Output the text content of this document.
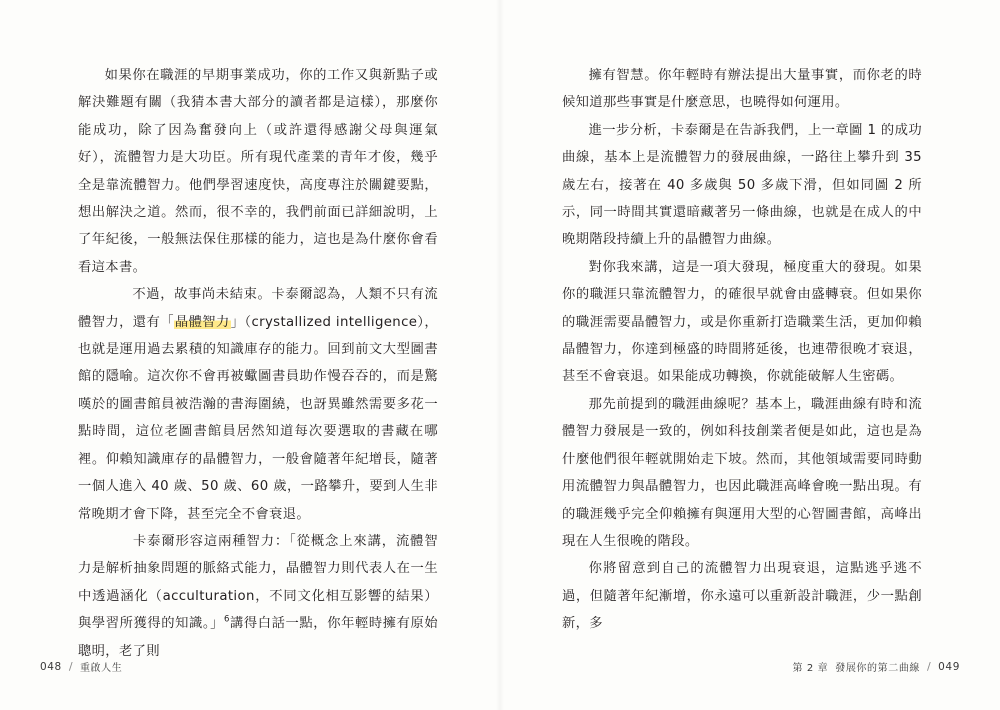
如果你在職涯的早期事業成功，你的工作又與新點子或解決難題有關（我猜本書大部分的讀者都是這樣），那麼你能成功，除了因為奮發向上（或許還得感謝父母與運氣好），流體智力是大功臣。所有現代產業的青年才俊，幾乎全是靠流體智力。他們學習速度快，高度專注於關鍵要點，想出解決之道。然而，很不幸的，我們前面已詳細說明，上了年紀後，一般無法保住那樣的能力，這也是為什麼你會看看這本書。

　　不過，故事尚未結束。卡泰爾認為，人類不只有流體智力，還有「晶體智力」（crystallized intelligence），也就是運用過去累積的知識庫存的能力。回到前文大型圖書館的隱喻。這次你不會再被蠍圖書員助作慢吞吞的，而是驚嘆於的圖書館員被浩瀚的書海圍繞，也訝異雖然需要多花一點時間，這位老圖書館員居然知道每次要選取的書藏在哪裡。仰賴知識庫存的晶體智力，一般會隨著年紀增長，隨著一個人進入 40 歲、50 歲、60 歲，一路攀升，要到人生非常晚期才會下降，甚至完全不會衰退。

　　卡泰爾形容這兩種智力：「從概念上來講，流體智力是解析抽象問題的脈絡式能力，晶體智力則代表人在一生中透過涵化（acculturation，不同文化相互影響的結果）與學習所獲得的知識。」$^6$講得白話一點，你年輕時擁有原始聰明，老了則

048 / 重啟人生

擁有智慧。你年輕時有辦法提出大量事實，而你老的時候知道那些事實是什麼意思，也曉得如何運用。

進一步分析，卡泰爾是在告訴我們，上一章圖 1 的成功曲線，基本上是流體智力的發展曲線，一路往上攀升到 35 歲左右，接著在 40 多歲與 50 多歲下滑，但如同圖 2 所示，同一時間其實還暗藏著另一條曲線，也就是在成人的中晚期階段持續上升的晶體智力曲線。

對你我來講，這是一項大發現，極度重大的發現。如果你的職涯只靠流體智力，的確很早就會由盛轉衰。但如果你的職涯需要晶體智力，或是你重新打造職業生活，更加仰賴晶體智力，你達到極盛的時間將延後，也連帶很晚才衰退，甚至不會衰退。如果能成功轉換，你就能破解人生密碼。

那先前提到的職涯曲線呢？基本上，職涯曲線有時和流體智力發展是一致的，例如科技創業者便是如此，這也是為什麼他們很年輕就開始走下坡。然而，其他領域需要同時動用流體智力與晶體智力，也因此職涯高峰會晚一點出現。有的職涯幾乎完全仰賴擁有與運用大型的心智圖書館，高峰出現在人生很晚的階段。

你將留意到自己的流體智力出現衰退，這點逃乎逃不過，但隨著年紀漸增，你永遠可以重新設計職涯，少一點創新，多

第 2 章 發展你的第二曲線 / 049
